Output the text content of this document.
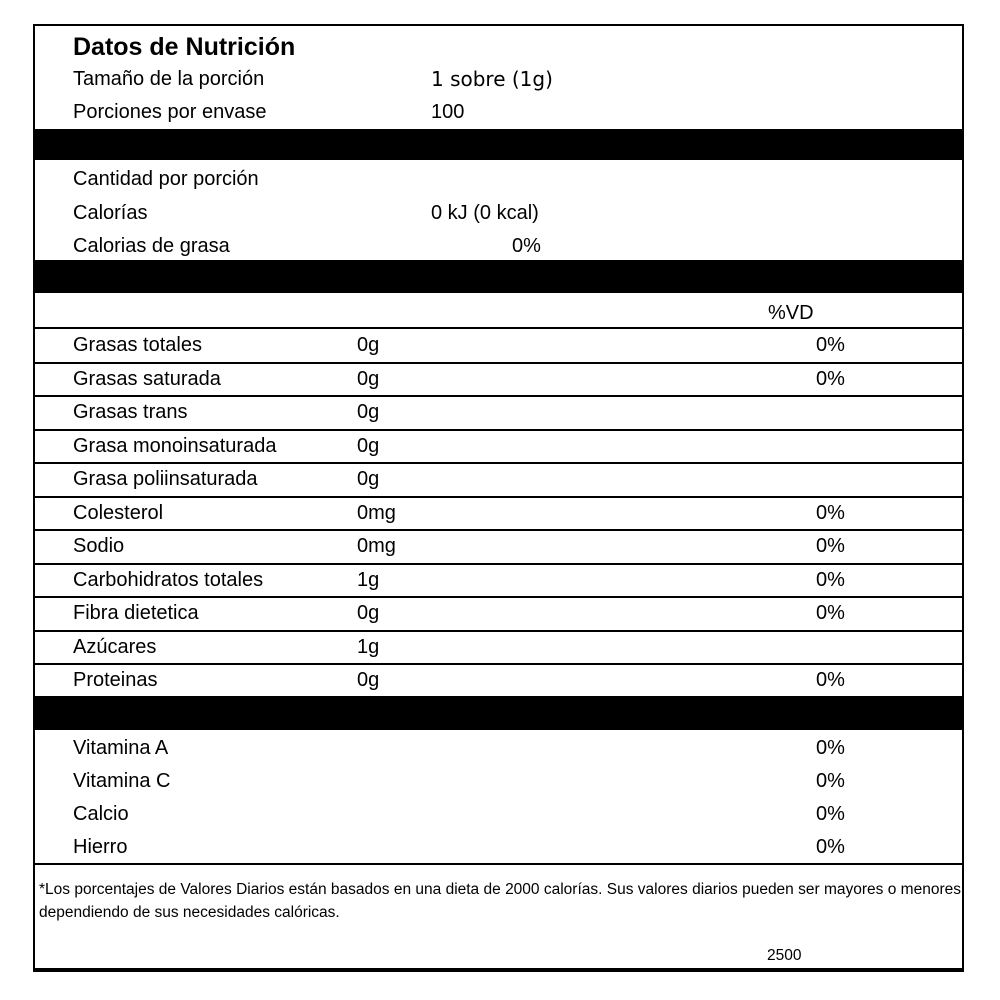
Datos de Nutrición
Tamaño de la porción	1 sobre (1g)
Porciones por envase	100
Cantidad por porción
Calorías	0 kJ (0 kcal)
Calorias de grasa	0%
%VD
Grasas totales	0g	0%
Grasas saturada	0g	0%
Grasas trans	0g
Grasa monoinsaturada	0g
Grasa poliinsaturada	0g
Colesterol	0mg	0%
Sodio	0mg	0%
Carbohidratos totales	1g	0%
Fibra dietetica	0g	0%
Azúcares	1g
Proteinas	0g	0%
Vitamina A	0%
Vitamina C	0%
Calcio	0%
Hierro	0%
*Los porcentajes de Valores Diarios están basados en una dieta de 2000 calorías. Sus valores diarios pueden ser mayores o menores dependiendo de sus necesidades calóricas.
2500
